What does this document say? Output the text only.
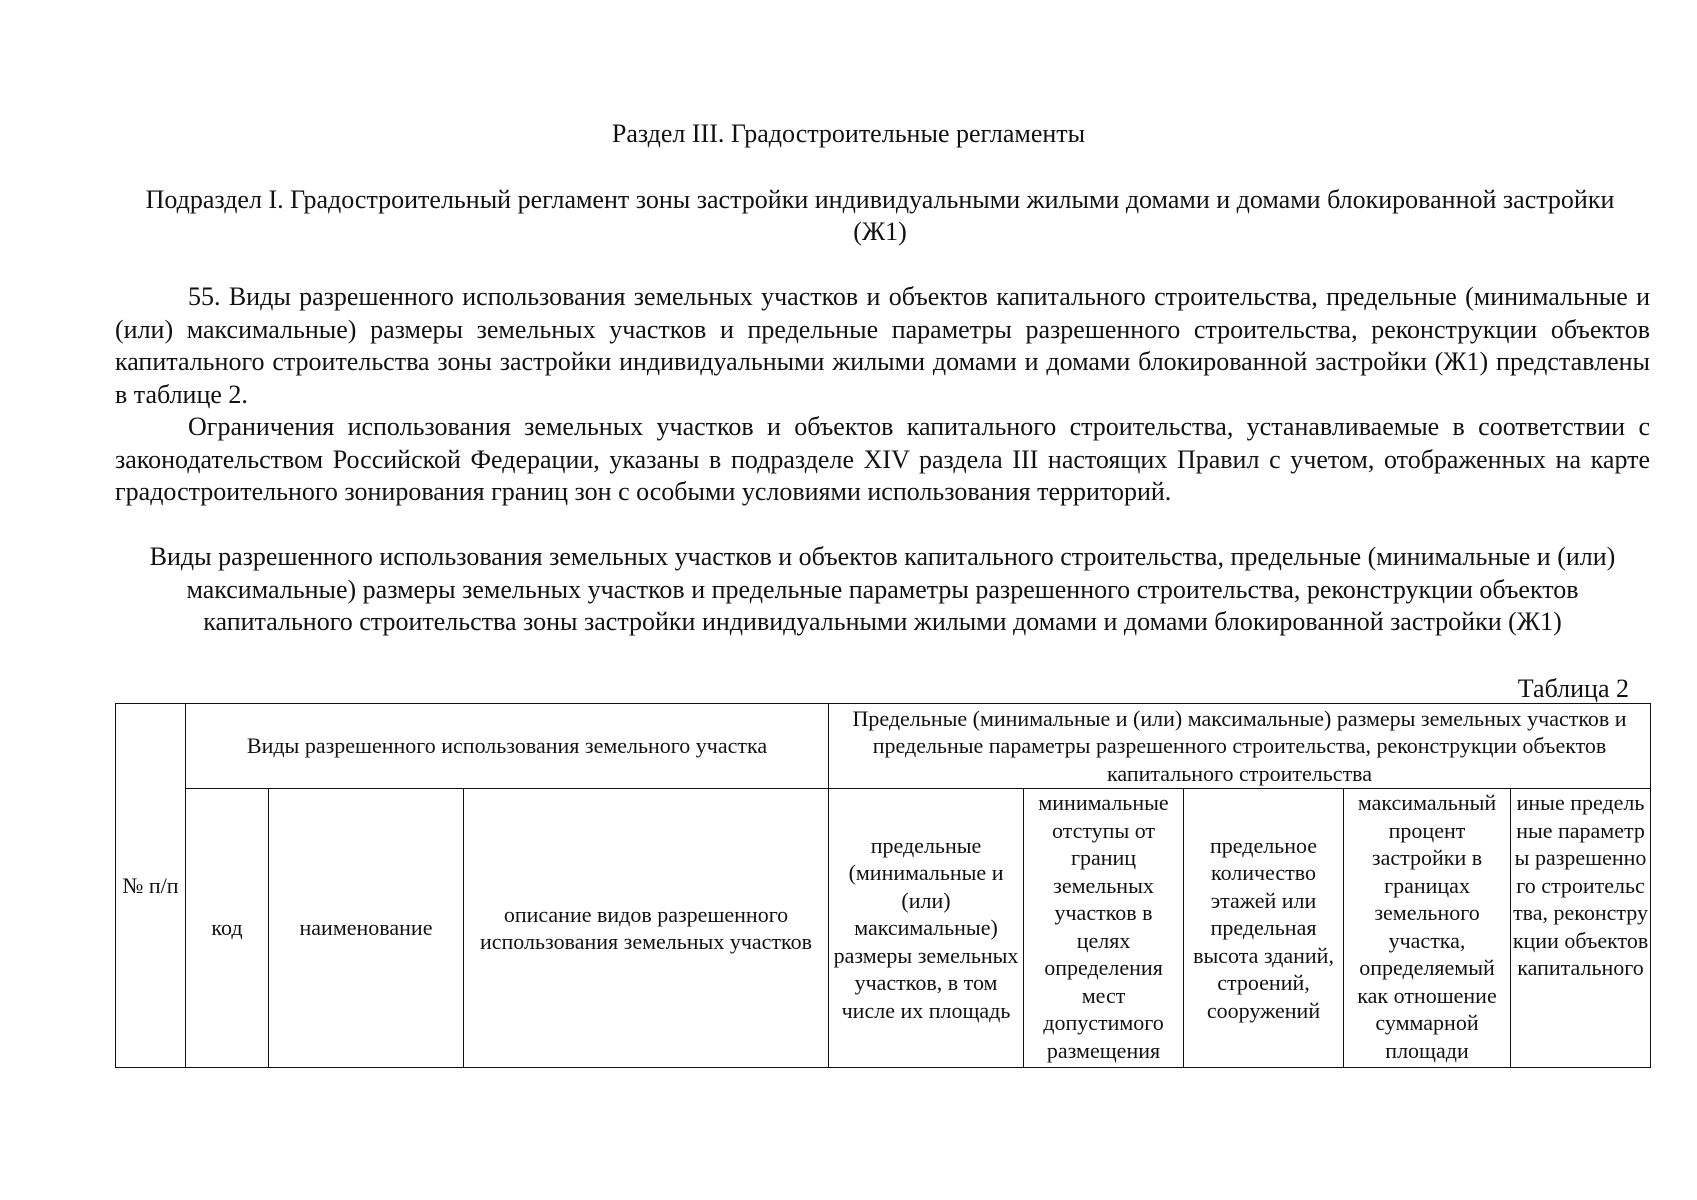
Раздел III. Градостроительные регламенты
Подраздел I. Градостроительный регламент зоны застройки индивидуальными жилыми домами и домами блокированной застройки (Ж1)
55. Виды разрешенного использования земельных участков и объектов капитального строительства, предельные (минимальные и (или) максимальные) размеры земельных участков и предельные параметры разрешенного строительства, реконструкции объектов капитального строительства зоны застройки индивидуальными жилыми домами и домами блокированной застройки (Ж1) представлены в таблице 2.
Ограничения использования земельных участков и объектов капитального строительства, устанавливаемые в соответствии с законодательством Российской Федерации, указаны в подразделе XIV раздела III настоящих Правил с учетом, отображенных на карте градостроительного зонирования границ зон с особыми условиями использования территорий.
Виды разрешенного использования земельных участков и объектов капитального строительства, предельные (минимальные и (или) максимальные) размеры земельных участков и предельные параметры разрешенного строительства, реконструкции объектов капитального строительства зоны застройки индивидуальными жилыми домами и домами блокированной застройки (Ж1)
Таблица 2
№ п/п	Виды разрешенного использования земельного участка			Предельные (минимальные и (или) максимальные) размеры земельных участков и предельные параметры разрешенного строительства, реконструкции объектов капитального строительства				
	код	наименование	описание видов разрешенного использования земельных участков	предельные (минимальные и (или) максимальные) размеры земельных участков, в том числе их площадь	минимальные отступы от границ земельных участков в целях определения мест допустимого размещения	предельное количество этажей или предельная высота зданий, строений, сооружений	максимальный процент застройки в границах земельного участка, определяемый как отношение суммарной площади	иные предельные параметры разрешенного строительства, реконструкции объектов капитального
